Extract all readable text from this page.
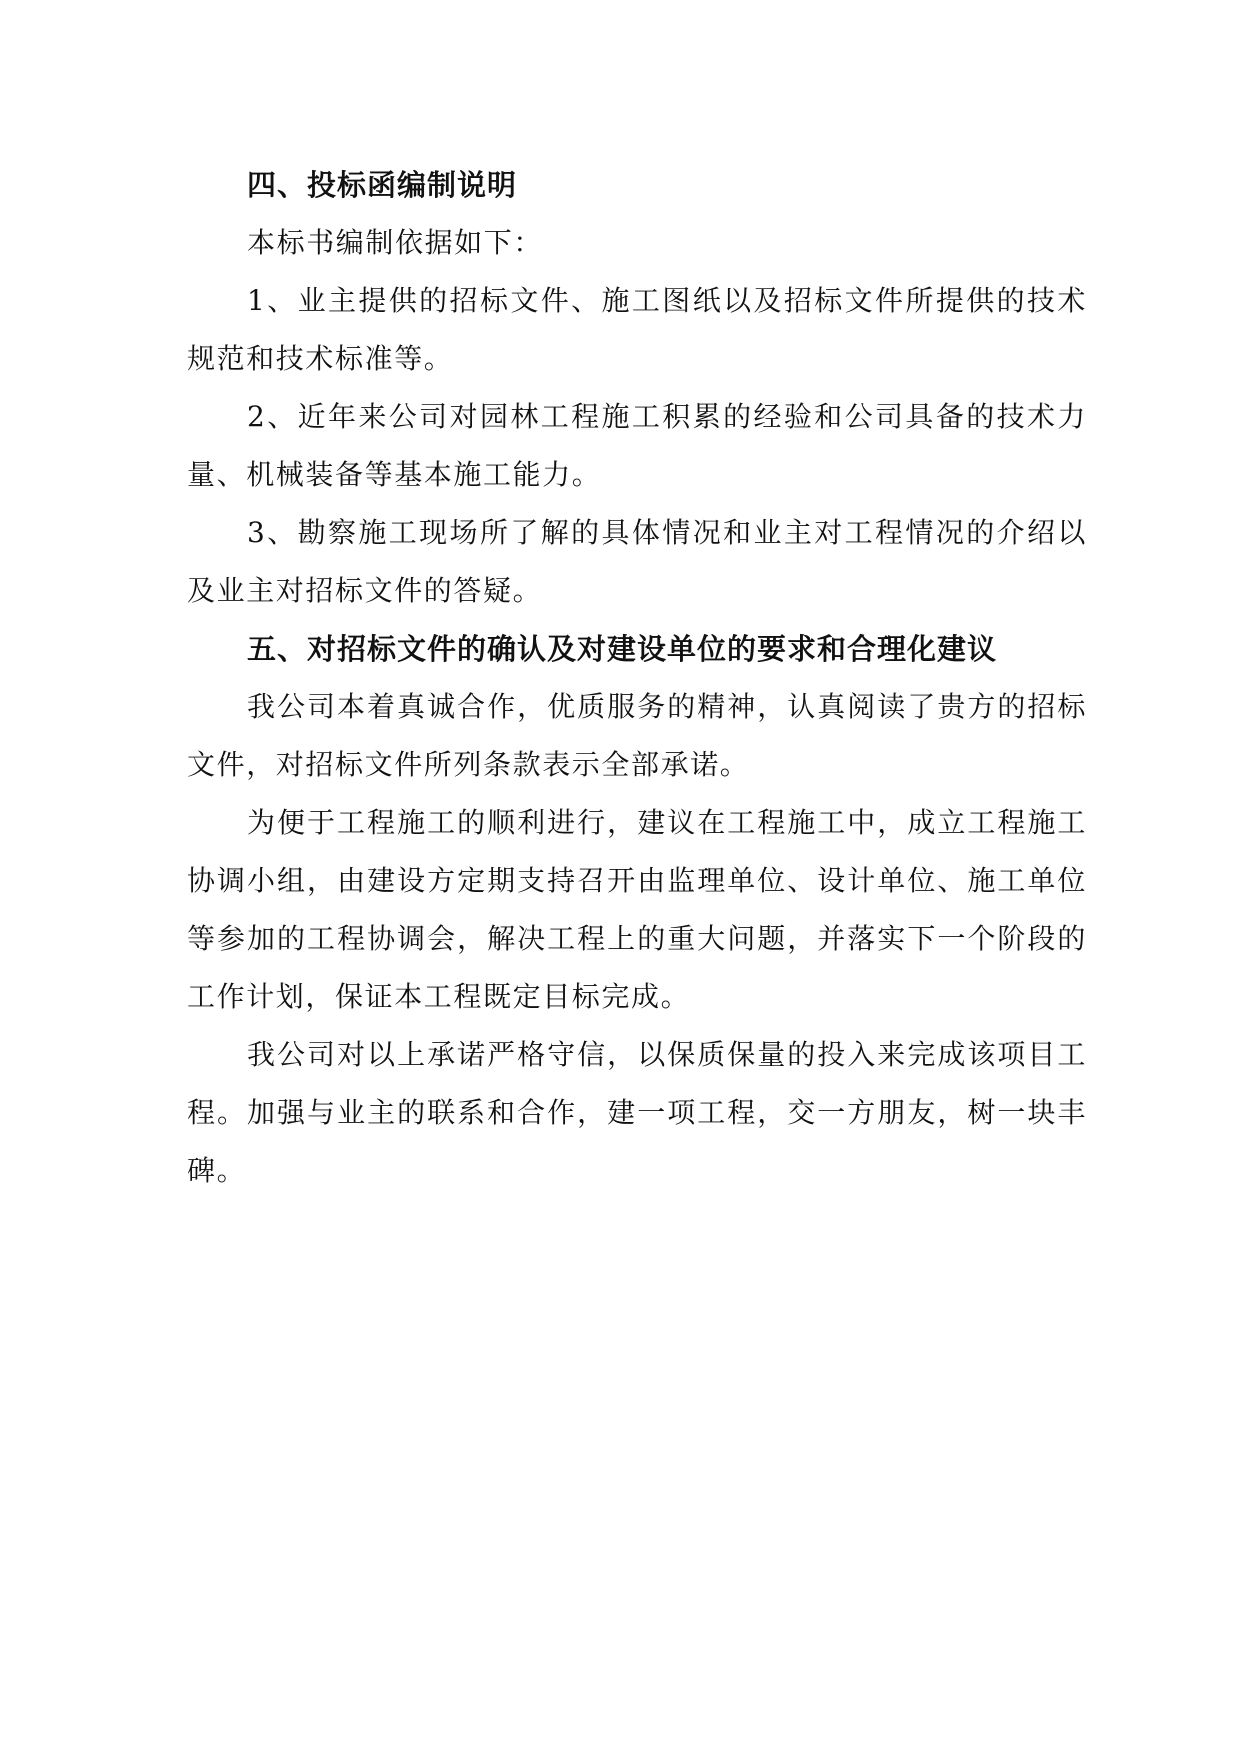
四、投标函编制说明

本标书编制依据如下：

1、业主提供的招标文件、施工图纸以及招标文件所提供的技术规范和技术标准等。

2、近年来公司对园林工程施工积累的经验和公司具备的技术力量、机械装备等基本施工能力。

3、勘察施工现场所了解的具体情况和业主对工程情况的介绍以及业主对招标文件的答疑。

五、对招标文件的确认及对建设单位的要求和合理化建议

我公司本着真诚合作，优质服务的精神，认真阅读了贵方的招标文件，对招标文件所列条款表示全部承诺。

为便于工程施工的顺利进行，建议在工程施工中，成立工程施工协调小组，由建设方定期支持召开由监理单位、设计单位、施工单位等参加的工程协调会，解决工程上的重大问题，并落实下一个阶段的工作计划，保证本工程既定目标完成。

我公司对以上承诺严格守信，以保质保量的投入来完成该项目工程。加强与业主的联系和合作，建一项工程，交一方朋友，树一块丰碑。
